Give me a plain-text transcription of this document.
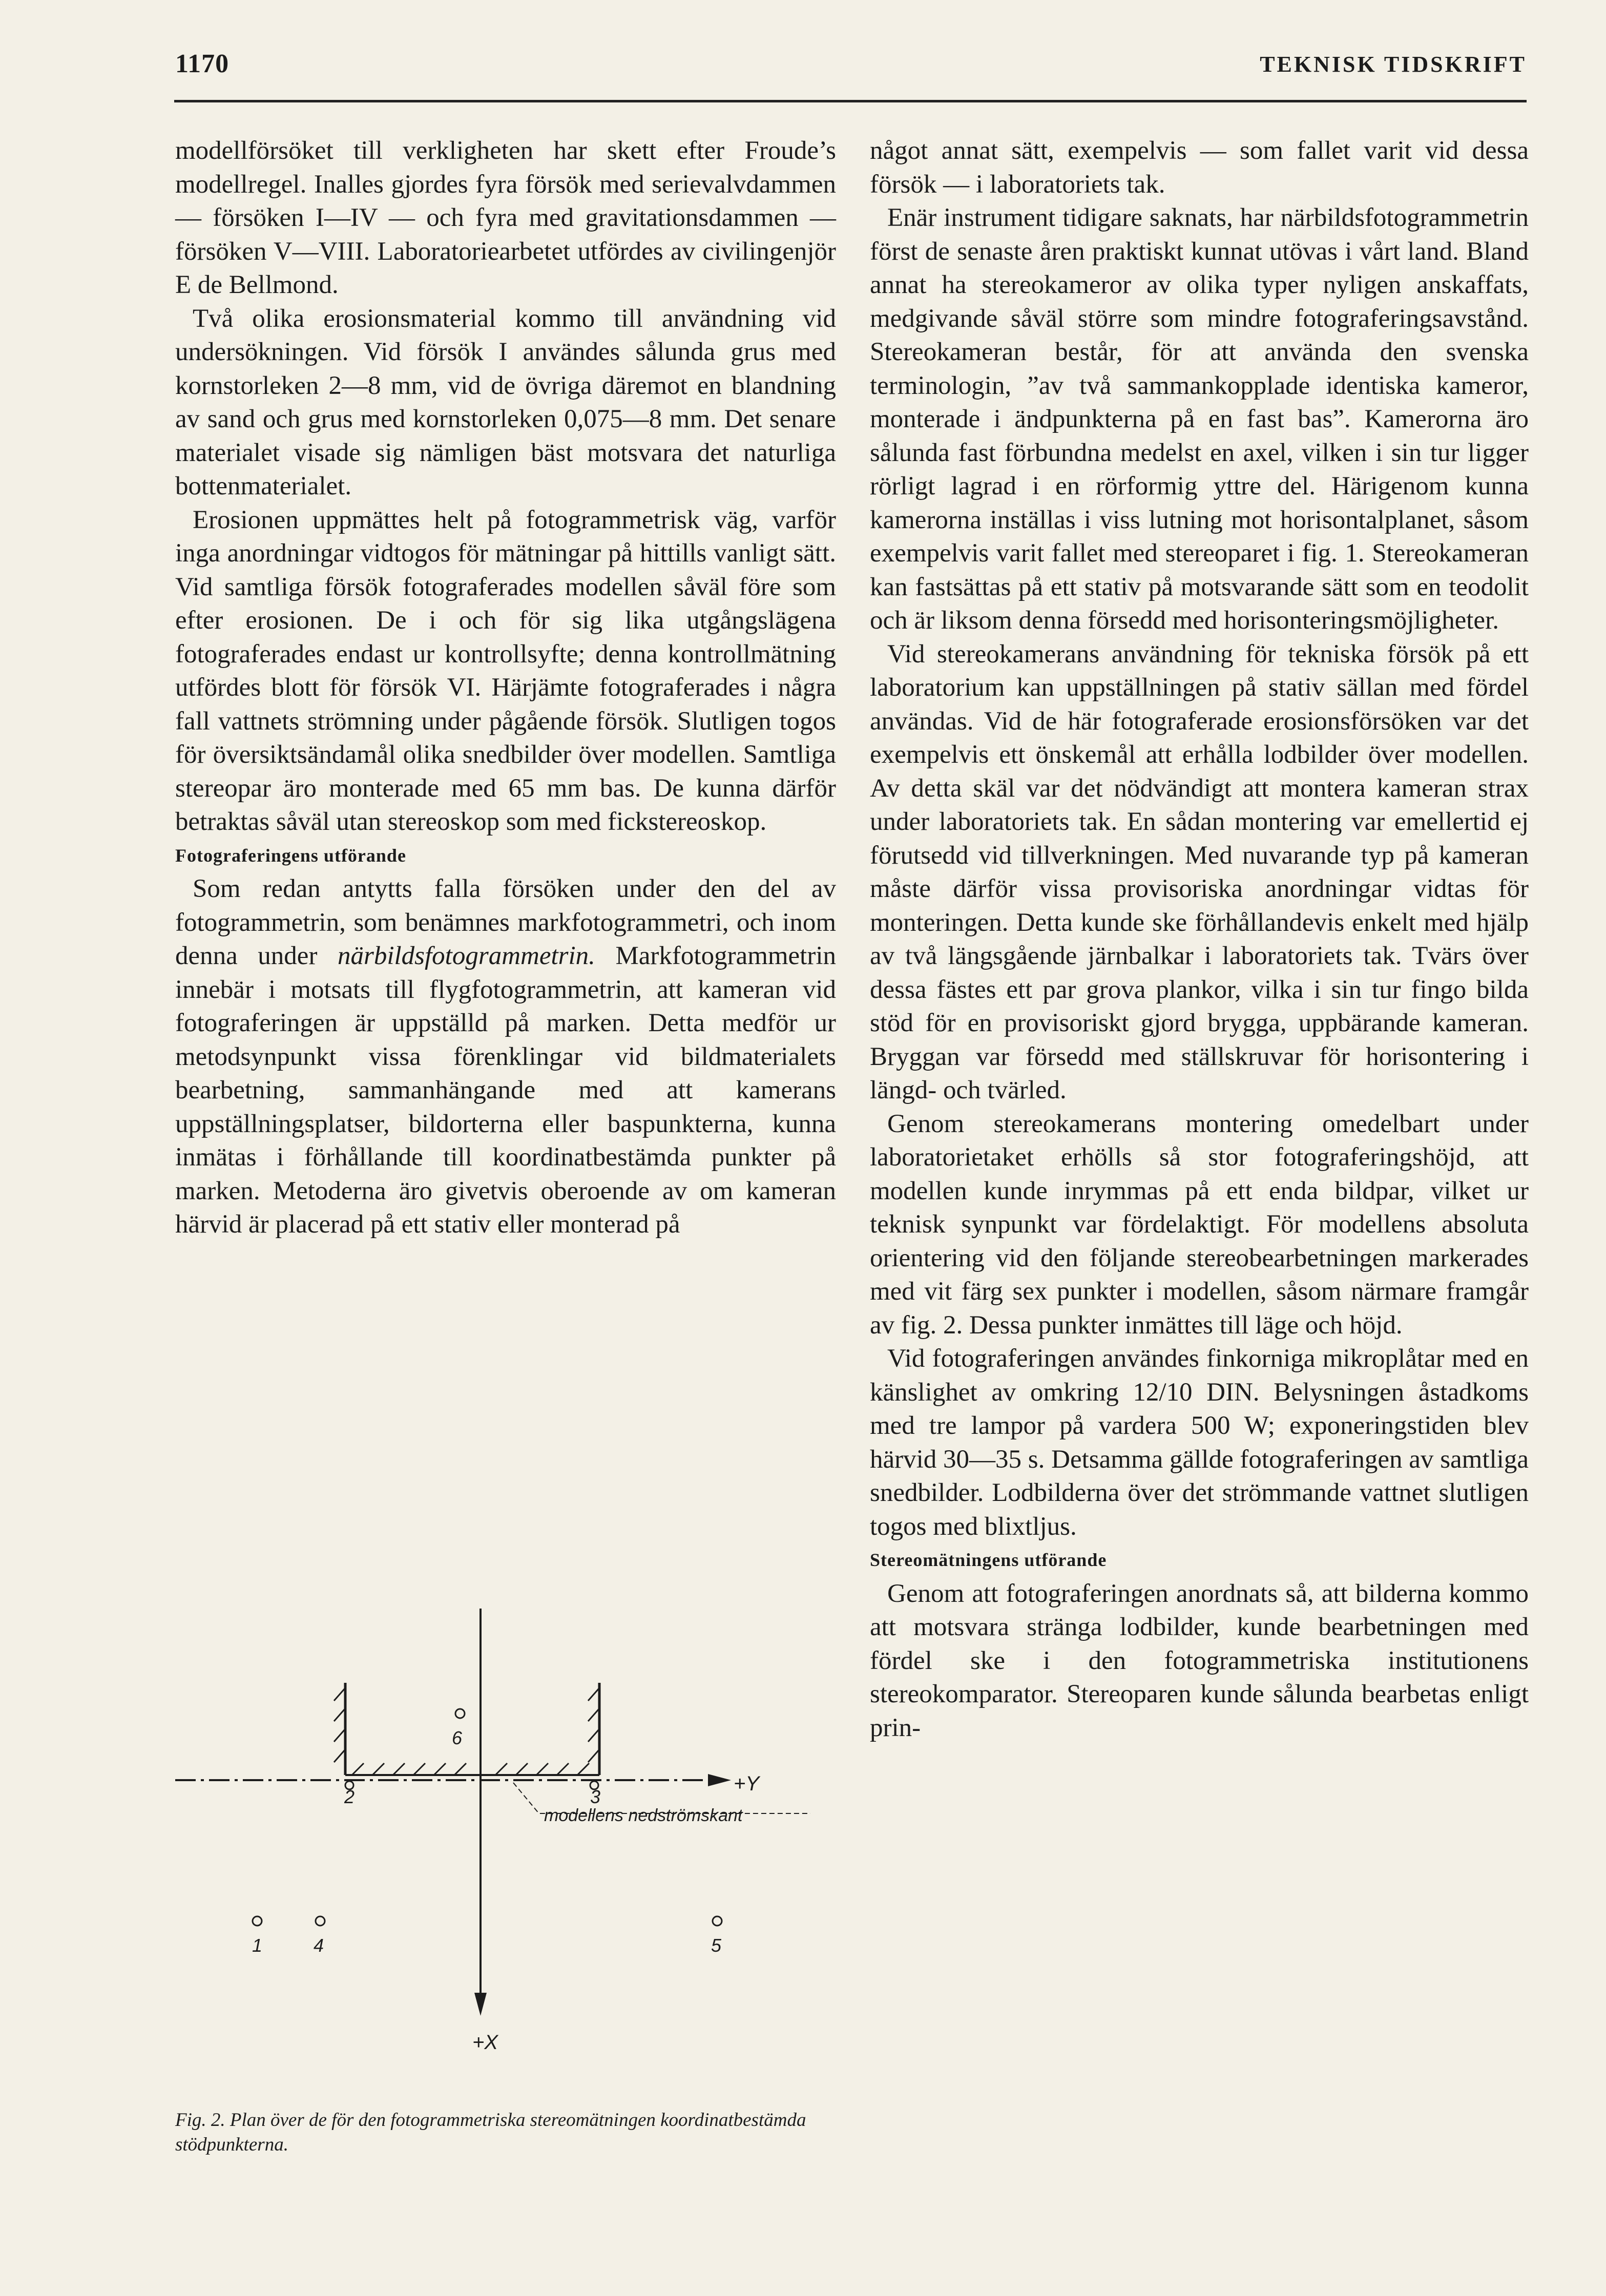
1170	TEKNISK TIDSKRIFT

modellförsöket till verkligheten har skett efter Froude’s modellregel. Inalles gjordes fyra försök med serievalvdammen — försöken I—IV — och fyra med gravitationsdammen — försöken V—VIII. Laboratoriearbetet utfördes av civilingenjör E de Bellmond.

Två olika erosionsmaterial kommo till användning vid undersökningen. Vid försök I användes sålunda grus med kornstorleken 2—8 mm, vid de övriga däremot en blandning av sand och grus med kornstorleken 0,075—8 mm. Det senare materialet visade sig nämligen bäst motsvara det naturliga bottenmaterialet.

Erosionen uppmättes helt på fotogrammetrisk väg, varför inga anordningar vidtogos för mätningar på hittills vanligt sätt. Vid samtliga försök fotograferades modellen såväl före som efter erosionen. De i och för sig lika utgångslägena fotograferades endast ur kontrollsyfte; denna kontrollmätning utfördes blott för försök VI. Härjämte fotograferades i några fall vattnets strömning under pågående försök. Slutligen togos för översiktsändamål olika snedbilder över modellen. Samtliga stereopar äro monterade med 65 mm bas. De kunna därför betraktas såväl utan stereoskop som med fickstereoskop.

Fotograferingens utförande

Som redan antytts falla försöken under den del av fotogrammetrin, som benämnes markfotogrammetri, och inom denna under närbildsfotogrammetrin. Markfotogrammetrin innebär i motsats till flygfotogrammetrin, att kameran vid fotograferingen är uppställd på marken. Detta medför ur metodsynpunkt vissa förenklingar vid bildmaterialets bearbetning, sammanhängande med att kamerans uppställningsplatser, bildorterna eller baspunkterna, kunna inmätas i förhållande till koordinatbestämda punkter på marken. Metoderna äro givetvis oberoende av om kameran härvid är placerad på ett stativ eller monterad på

något annat sätt, exempelvis — som fallet varit vid dessa försök — i laboratoriets tak.

Enär instrument tidigare saknats, har närbildsfotogrammetrin först de senaste åren praktiskt kunnat utövas i vårt land. Bland annat ha stereokameror av olika typer nyligen anskaffats, medgivande såväl större som mindre fotograferingsavstånd. Stereokameran består, för att använda den svenska terminologin, ”av två sammankopplade identiska kameror, monterade i ändpunkterna på en fast bas”. Kamerorna äro sålunda fast förbundna medelst en axel, vilken i sin tur ligger rörligt lagrad i en rörformig yttre del. Härigenom kunna kamerorna inställas i viss lutning mot horisontalplanet, såsom exempelvis varit fallet med stereoparet i fig. 1. Stereokameran kan fastsättas på ett stativ på motsvarande sätt som en teodolit och är liksom denna försedd med horisonteringsmöjligheter.

Vid stereokamerans användning för tekniska försök på ett laboratorium kan uppställningen på stativ sällan med fördel användas. Vid de här fotograferade erosionsförsöken var det exempelvis ett önskemål att erhålla lodbilder över modellen. Av detta skäl var det nödvändigt att montera kameran strax under laboratoriets tak. En sådan montering var emellertid ej förutsedd vid tillverkningen. Med nuvarande typ på kameran måste därför vissa provisoriska anordningar vidtas för monteringen. Detta kunde ske förhållandevis enkelt med hjälp av två längsgående järnbalkar i laboratoriets tak. Tvärs över dessa fästes ett par grova plankor, vilka i sin tur fingo bilda stöd för en provisoriskt gjord brygga, uppbärande kameran. Bryggan var försedd med ställskruvar för horisontering i längd- och tvärled.

Genom stereokamerans montering omedelbart under laboratorietaket erhölls så stor fotograferingshöjd, att modellen kunde inrymmas på ett enda bildpar, vilket ur teknisk synpunkt var fördelaktigt. För modellens absoluta orientering vid den följande stereobearbetningen markerades med vit färg sex punkter i modellen, såsom närmare framgår av fig. 2. Dessa punkter inmättes till läge och höjd.

Vid fotograferingen användes finkorniga mikroplåtar med en känslighet av omkring 12/10 DIN. Belysningen åstadkoms med tre lampor på vardera 500 W; exponeringstiden blev härvid 30—35 s. Detsamma gällde fotograferingen av samtliga snedbilder. Lodbilderna över det strömmande vattnet slutligen togos med blixtljus.

Stereomätningens utförande

Genom att fotograferingen anordnats så, att bilderna kommo att motsvara stränga lodbilder, kunde bearbetningen med fördel ske i den fotogrammetriska institutionens stereokomparator. Stereoparen kunde sålunda bearbetas enligt prin-

+X
+Y
modellens nedströmskant
6
2	3
1	4	5
Fig. 2. Plan över de för den fotogrammetriska stereomätningen koordinatbestämda stödpunkterna.
